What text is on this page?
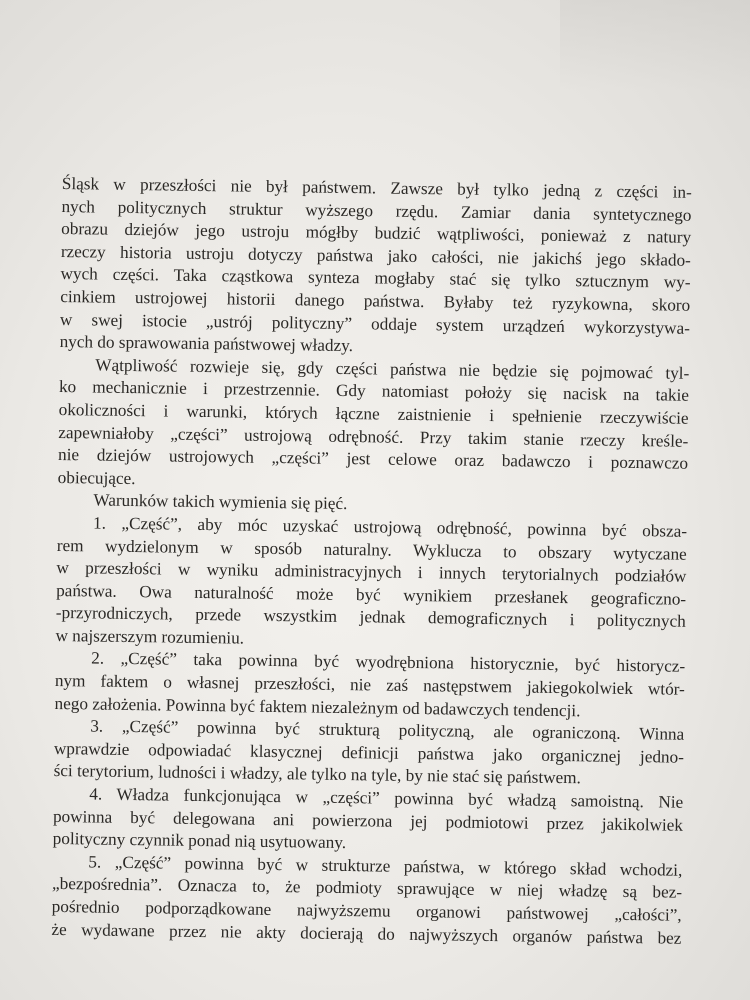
Śląsk w przeszłości nie był państwem. Zawsze był tylko jedną z części in-
nych politycznych struktur wyższego rzędu. Zamiar dania syntetycznego
obrazu dziejów jego ustroju mógłby budzić wątpliwości, ponieważ z natury
rzeczy historia ustroju dotyczy państwa jako całości, nie jakichś jego składo-
wych części. Taka cząstkowa synteza mogłaby stać się tylko sztucznym wy-
cinkiem ustrojowej historii danego państwa. Byłaby też ryzykowna, skoro
w swej istocie „ustrój polityczny” oddaje system urządzeń wykorzystywa-
nych do sprawowania państwowej władzy.
Wątpliwość rozwieje się, gdy części państwa nie będzie się pojmować tyl-
ko mechanicznie i przestrzennie. Gdy natomiast położy się nacisk na takie
okoliczności i warunki, których łączne zaistnienie i spełnienie rzeczywiście
zapewniałoby „części” ustrojową odrębność. Przy takim stanie rzeczy kreśle-
nie dziejów ustrojowych „części” jest celowe oraz badawczo i poznawczo
obiecujące.
Warunków takich wymienia się pięć.
1. „Część”, aby móc uzyskać ustrojową odrębność, powinna być obsza-
rem wydzielonym w sposób naturalny. Wyklucza to obszary wytyczane
w przeszłości w wyniku administracyjnych i innych terytorialnych podziałów
państwa. Owa naturalność może być wynikiem przesłanek geograficzno-
-przyrodniczych, przede wszystkim jednak demograficznych i politycznych
w najszerszym rozumieniu.
2. „Część” taka powinna być wyodrębniona historycznie, być historycz-
nym faktem o własnej przeszłości, nie zaś następstwem jakiegokolwiek wtór-
nego założenia. Powinna być faktem niezależnym od badawczych tendencji.
3. „Część” powinna być strukturą polityczną, ale ograniczoną. Winna
wprawdzie odpowiadać klasycznej definicji państwa jako organicznej jedno-
ści terytorium, ludności i władzy, ale tylko na tyle, by nie stać się państwem.
4. Władza funkcjonująca w „części” powinna być władzą samoistną. Nie
powinna być delegowana ani powierzona jej podmiotowi przez jakikolwiek
polityczny czynnik ponad nią usytuowany.
5. „Część” powinna być w strukturze państwa, w którego skład wchodzi,
„bezpośrednia”. Oznacza to, że podmioty sprawujące w niej władzę są bez-
pośrednio podporządkowane najwyższemu organowi państwowej „całości”,
że wydawane przez nie akty docierają do najwyższych organów państwa bez
